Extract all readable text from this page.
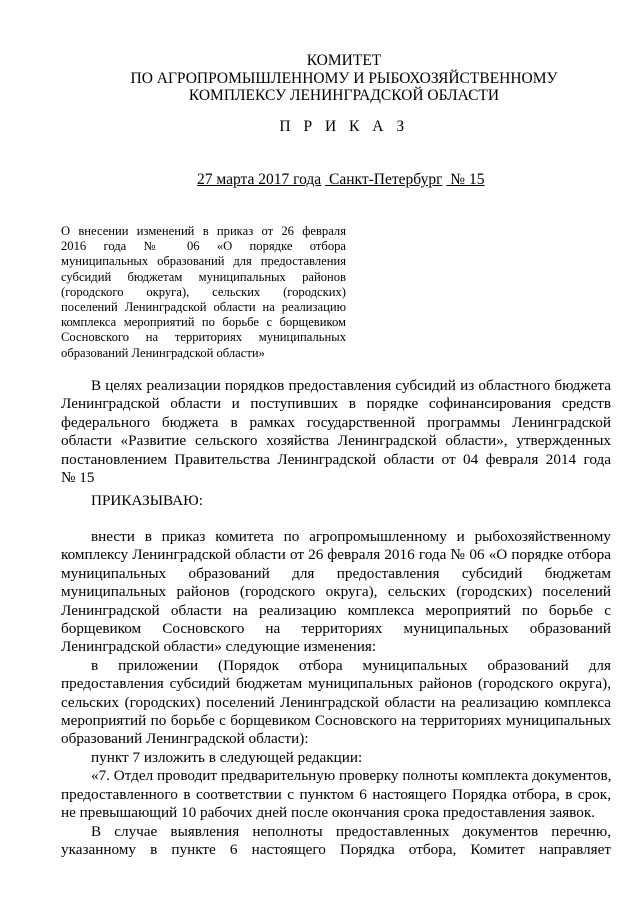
КОМИТЕТ
ПО АГРОПРОМЫШЛЕННОМУ И РЫБОХОЗЯЙСТВЕННОМУ
КОМПЛЕКСУ ЛЕНИНГРАДСКОЙ ОБЛАСТИ
П Р И К А З
27 марта 2017 года Санкт-Петербург № 15
О внесении изменений в приказ от 26 февраля
2016 года № 06 «О порядке отбора
муниципальных образований для предоставления
субсидий бюджетам муниципальных районов
(городского округа), сельских (городских)
поселений Ленинградской области на реализацию
комплекса мероприятий по борьбе с борщевиком
Сосновского на территориях муниципальных
образований Ленинградской области»
В целях реализации порядков предоставления субсидий из областного бюджета
Ленинградской области и поступивших в порядке софинансирования средств
федерального бюджета в рамках государственной программы Ленинградской
области «Развитие сельского хозяйства Ленинградской области», утвержденных
постановлением Правительства Ленинградской области от 04 февраля 2014 года
№ 15
ПРИКАЗЫВАЮ:
внести в приказ комитета по агропромышленному и рыбохозяйственному
комплексу Ленинградской области от 26 февраля 2016 года № 06 «О порядке отбора
муниципальных образований для предоставления субсидий бюджетам
муниципальных районов (городского округа), сельских (городских) поселений
Ленинградской области на реализацию комплекса мероприятий по борьбе с
борщевиком Сосновского на территориях муниципальных образований
Ленинградской области» следующие изменения:
в приложении (Порядок отбора муниципальных образований для
предоставления субсидий бюджетам муниципальных районов (городского округа),
сельских (городских) поселений Ленинградской области на реализацию комплекса
мероприятий по борьбе с борщевиком Сосновского на территориях муниципальных
образований Ленинградской области):
пункт 7 изложить в следующей редакции:
«7. Отдел проводит предварительную проверку полноты комплекта документов,
предоставленного в соответствии с пунктом 6 настоящего Порядка отбора, в срок,
не превышающий 10 рабочих дней после окончания срока предоставления заявок.
В случае выявления неполноты предоставленных документов перечню,
указанному в пункте 6 настоящего Порядка отбора, Комитет направляет
